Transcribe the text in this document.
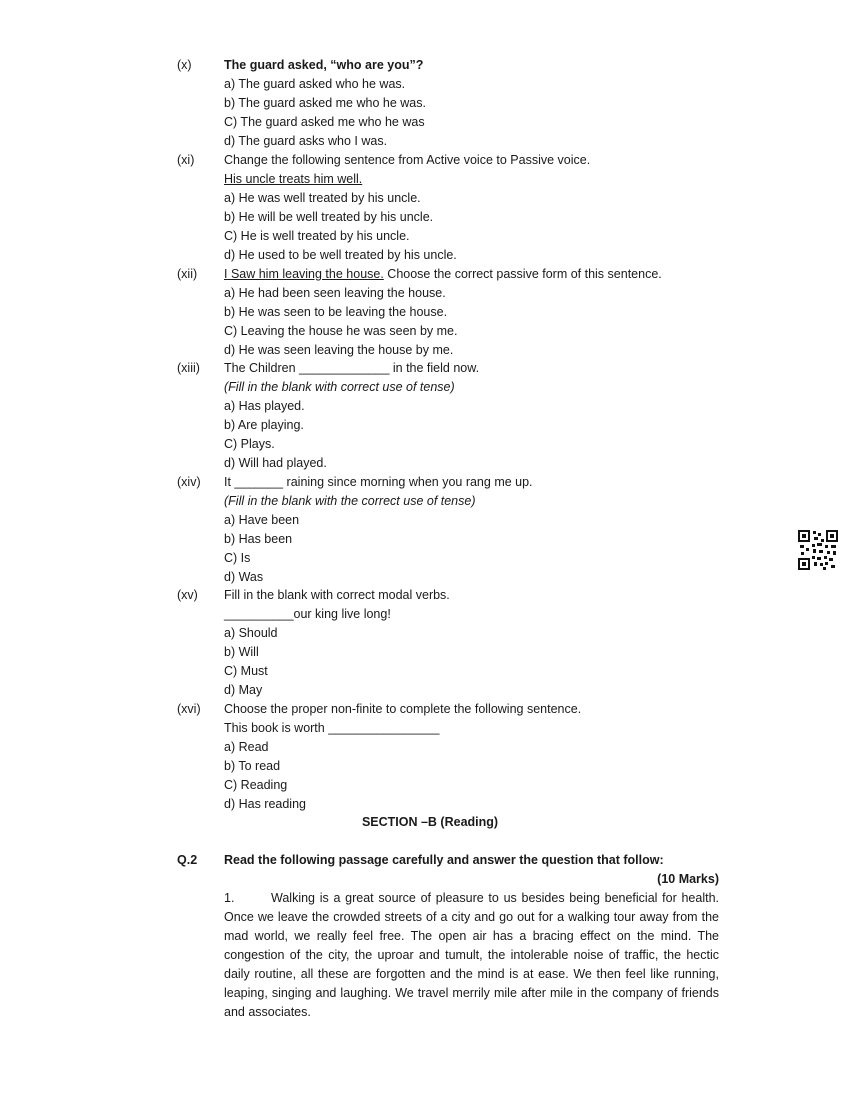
(x)	The guard asked, “who are you”?
a) The guard asked who he was.
b) The guard asked me who he was.
C) The guard asked me who he was
d) The guard asks who I was.
(xi) Change the following sentence from Active voice to Passive voice.
His uncle treats him well.
a) He was well treated by his uncle.
b) He will be well treated by his uncle.
C) He is well treated by his uncle.
d) He used to be well treated by his uncle.
(xii) I Saw him leaving the house. Choose the correct passive form of this sentence.
a) He had been seen leaving the house.
b) He was seen to be leaving the house.
C) Leaving the house he was seen by me.
d) He was seen leaving the house by me.
(xiii) The Children _____________ in the field now.
(Fill in the blank with correct use of tense)
a) Has played.
b) Are playing.
C) Plays.
d) Will had played.
(xiv) It _______ raining since morning when you rang me up.
(Fill in the blank with the correct use of tense)
a) Have been
b) Has been
C) Is
d) Was
(xv) Fill in the blank with correct modal verbs.
__________our king live long!
a) Should
b) Will
C) Must
d) May
(xvi) Choose the proper non-finite to complete the following sentence.
This book is worth ________________
a) Read
b) To read
C) Reading
d) Has reading
SECTION –B (Reading)
Q.2 Read the following passage carefully and answer the question that follow:
(10 Marks)
1.	Walking is a great source of pleasure to us besides being beneficial for health. Once we leave the crowded streets of a city and go out for a walking tour away from the mad world, we really feel free. The open air has a bracing effect on the mind. The congestion of the city, the uproar and tumult, the intolerable noise of traffic, the hectic daily routine, all these are forgotten and the mind is at ease. We then feel like running, leaping, singing and laughing. We travel merrily mile after mile in the company of friends and associates.
